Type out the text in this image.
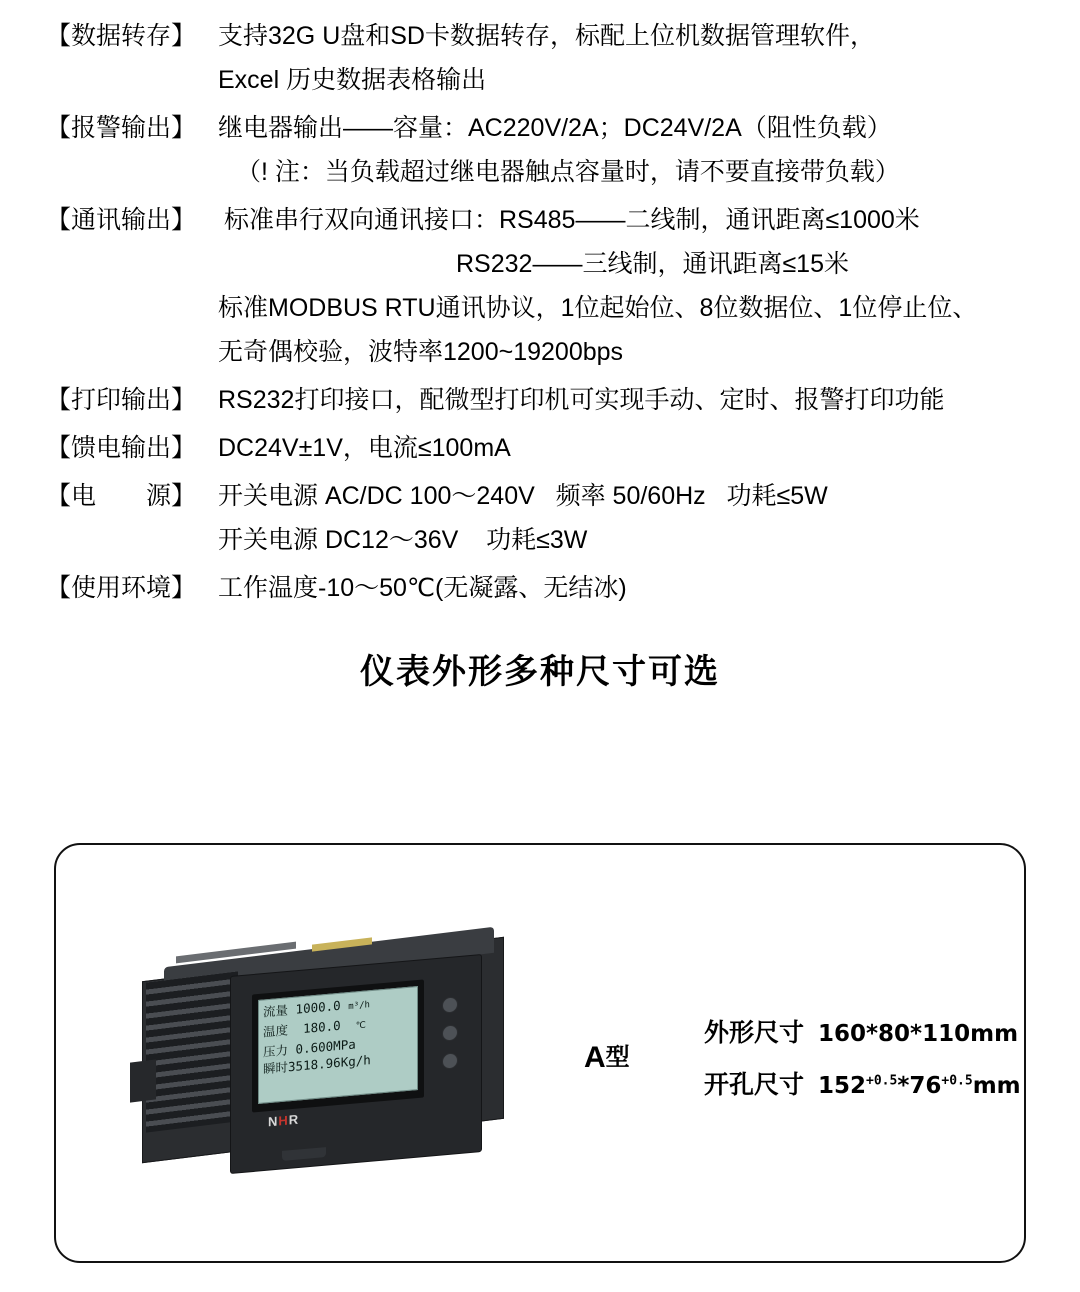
【数据转存】 支持32G U盘和SD卡数据转存，标配上位机数据管理软件，
Excel 历史数据表格输出
【报警输出】 继电器输出——容量：AC220V/2A；DC24V/2A（阻性负载）
（! 注：当负载超过继电器触点容量时，请不要直接带负载）
【通讯输出】	标准串行双向通讯接口：RS485——二线制，通讯距离≤1000米
RS232——三线制，通讯距离≤15米
标准MODBUS RTU通讯协议，1位起始位、8位数据位、1位停止位、
无奇偶校验，波特率1200~19200bps
【打印输出】 RS232打印接口，配微型打印机可实现手动、定时、报警打印功能
【馈电输出】 DC24V±1V，电流≤100mA
【电　　源】 开关电源 AC/DC 100～240V   频率 50/60Hz   功耗≤5W
开关电源 DC12～36V    功耗≤3W
【使用环境】 工作温度-10～50℃(无凝露、无结冰)
仪表外形多种尺寸可选
流量 1000.0 m³/h
温度 180.0 ℃
压力 0.600MPa
瞬时3518.96Kg/h
NHR
A型
外形尺寸 160*80*110mm
开孔尺寸 $152^{+0.5}*76^{+0.5}mm$
